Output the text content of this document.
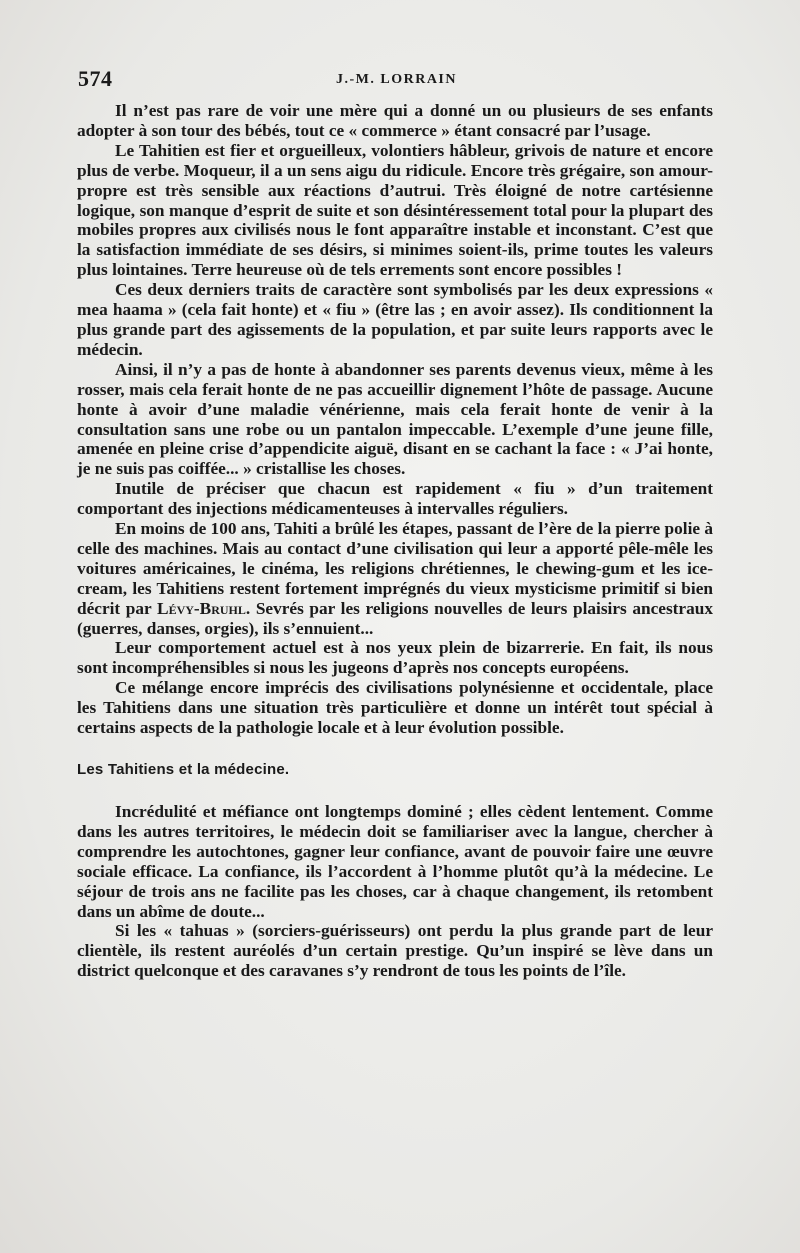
574	J.-M. LORRAIN

Il n’est pas rare de voir une mère qui a donné un ou plusieurs de ses enfants adopter à son tour des bébés, tout ce « commerce » étant consacré par l’usage.

Le Tahitien est fier et orgueilleux, volontiers hâbleur, grivois de nature et encore plus de verbe. Moqueur, il a un sens aigu du ridicule. Encore très grégaire, son amour-propre est très sensible aux réactions d’autrui. Très éloigné de notre cartésienne logique, son manque d’esprit de suite et son désintéressement total pour la plupart des mobiles propres aux civilisés nous le font apparaître instable et inconstant. C’est que la satisfaction immédiate de ses désirs, si minimes soient-ils, prime toutes les valeurs plus lointaines. Terre heureuse où de tels errements sont encore possibles !

Ces deux derniers traits de caractère sont symbolisés par les deux expressions « mea haama » (cela fait honte) et « fiu » (être las ; en avoir assez). Ils conditionnent la plus grande part des agissements de la population, et par suite leurs rapports avec le médecin.

Ainsi, il n’y a pas de honte à abandonner ses parents devenus vieux, même à les rosser, mais cela ferait honte de ne pas accueillir dignement l’hôte de passage. Aucune honte à avoir d’une maladie vénérienne, mais cela ferait honte de venir à la consultation sans une robe ou un pantalon impeccable. L’exemple d’une jeune fille, amenée en pleine crise d’appendicite aiguë, disant en se cachant la face : « J’ai honte, je ne suis pas coiffée... » cristallise les choses.

Inutile de préciser que chacun est rapidement « fiu » d’un traitement comportant des injections médicamenteuses à intervalles réguliers.

En moins de 100 ans, Tahiti a brûlé les étapes, passant de l’ère de la pierre polie à celle des machines. Mais au contact d’une civilisation qui leur a apporté pêle-mêle les voitures américaines, le cinéma, les religions chrétiennes, le chewing-gum et les ice-cream, les Tahitiens restent fortement imprégnés du vieux mysticisme primitif si bien décrit par Lévy-Bruhl. Sevrés par les religions nouvelles de leurs plaisirs ancestraux (guerres, danses, orgies), ils s’ennuient...

Leur comportement actuel est à nos yeux plein de bizarrerie. En fait, ils nous sont incompréhensibles si nous les jugeons d’après nos concepts européens.

Ce mélange encore imprécis des civilisations polynésienne et occidentale, place les Tahitiens dans une situation très particulière et donne un intérêt tout spécial à certains aspects de la pathologie locale et à leur évolution possible.

Les Tahitiens et la médecine.

Incrédulité et méfiance ont longtemps dominé ; elles cèdent lentement. Comme dans les autres territoires, le médecin doit se familiariser avec la langue, chercher à comprendre les autochtones, gagner leur confiance, avant de pouvoir faire une œuvre sociale efficace. La confiance, ils l’accordent à l’homme plutôt qu’à la médecine. Le séjour de trois ans ne facilite pas les choses, car à chaque changement, ils retombent dans un abîme de doute...

Si les « tahuas » (sorciers-guérisseurs) ont perdu la plus grande part de leur clientèle, ils restent auréolés d’un certain prestige. Qu’un inspiré se lève dans un district quelconque et des caravanes s’y rendront de tous les points de l’île.
